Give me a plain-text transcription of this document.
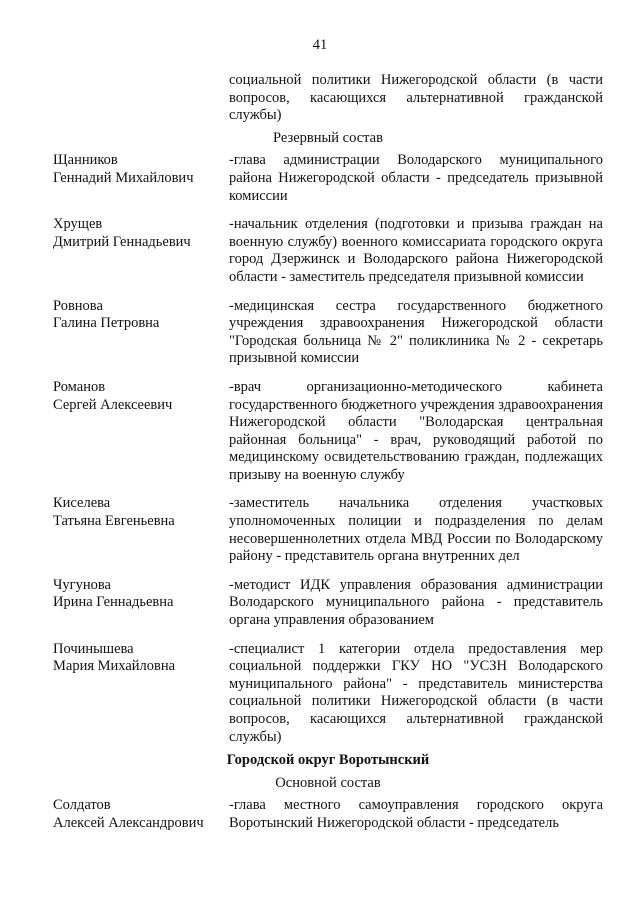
41
социальной политики Нижегородской области (в части вопросов, касающихся альтернативной гражданской службы)
Резервный состав
Щанников
Геннадий Михайлович
-глава администрации Володарского муниципального района Нижегородской области - председатель призывной комиссии
Хрущев
Дмитрий Геннадьевич
-начальник отделения (подготовки и призыва граждан на военную службу) военного комиссариата городского округа город Дзержинск и Володарского района Нижегородской области - заместитель председателя призывной комиссии
Ровнова
Галина Петровна
-медицинская сестра государственного бюджетного учреждения здравоохранения Нижегородской области "Городская больница № 2" поликлиника № 2 - секретарь призывной комиссии
Романов
Сергей Алексеевич
-врач организационно-методического кабинета государственного бюджетного учреждения здравоохранения Нижегородской области "Володарская центральная районная больница" - врач, руководящий работой по медицинскому освидетельствованию граждан, подлежащих призыву на военную службу
Киселева
Татьяна Евгеньевна
-заместитель начальника отделения участковых уполномоченных полиции и подразделения по делам несовершеннолетних отдела МВД России по Володарскому району - представитель органа внутренних дел
Чугунова
Ирина Геннадьевна
-методист ИДК управления образования администрации Володарского муниципального района - представитель органа управления образованием
Починышева
Мария Михайловна
-специалист 1 категории отдела предоставления мер социальной поддержки ГКУ НО "УСЗН Володарского муниципального района" - представитель министерства социальной политики Нижегородской области (в части вопросов, касающихся альтернативной гражданской службы)
Городской округ Воротынский
Основной состав
Солдатов
Алексей Александрович
-глава местного самоуправления городского округа Воротынский Нижегородской области - председатель
